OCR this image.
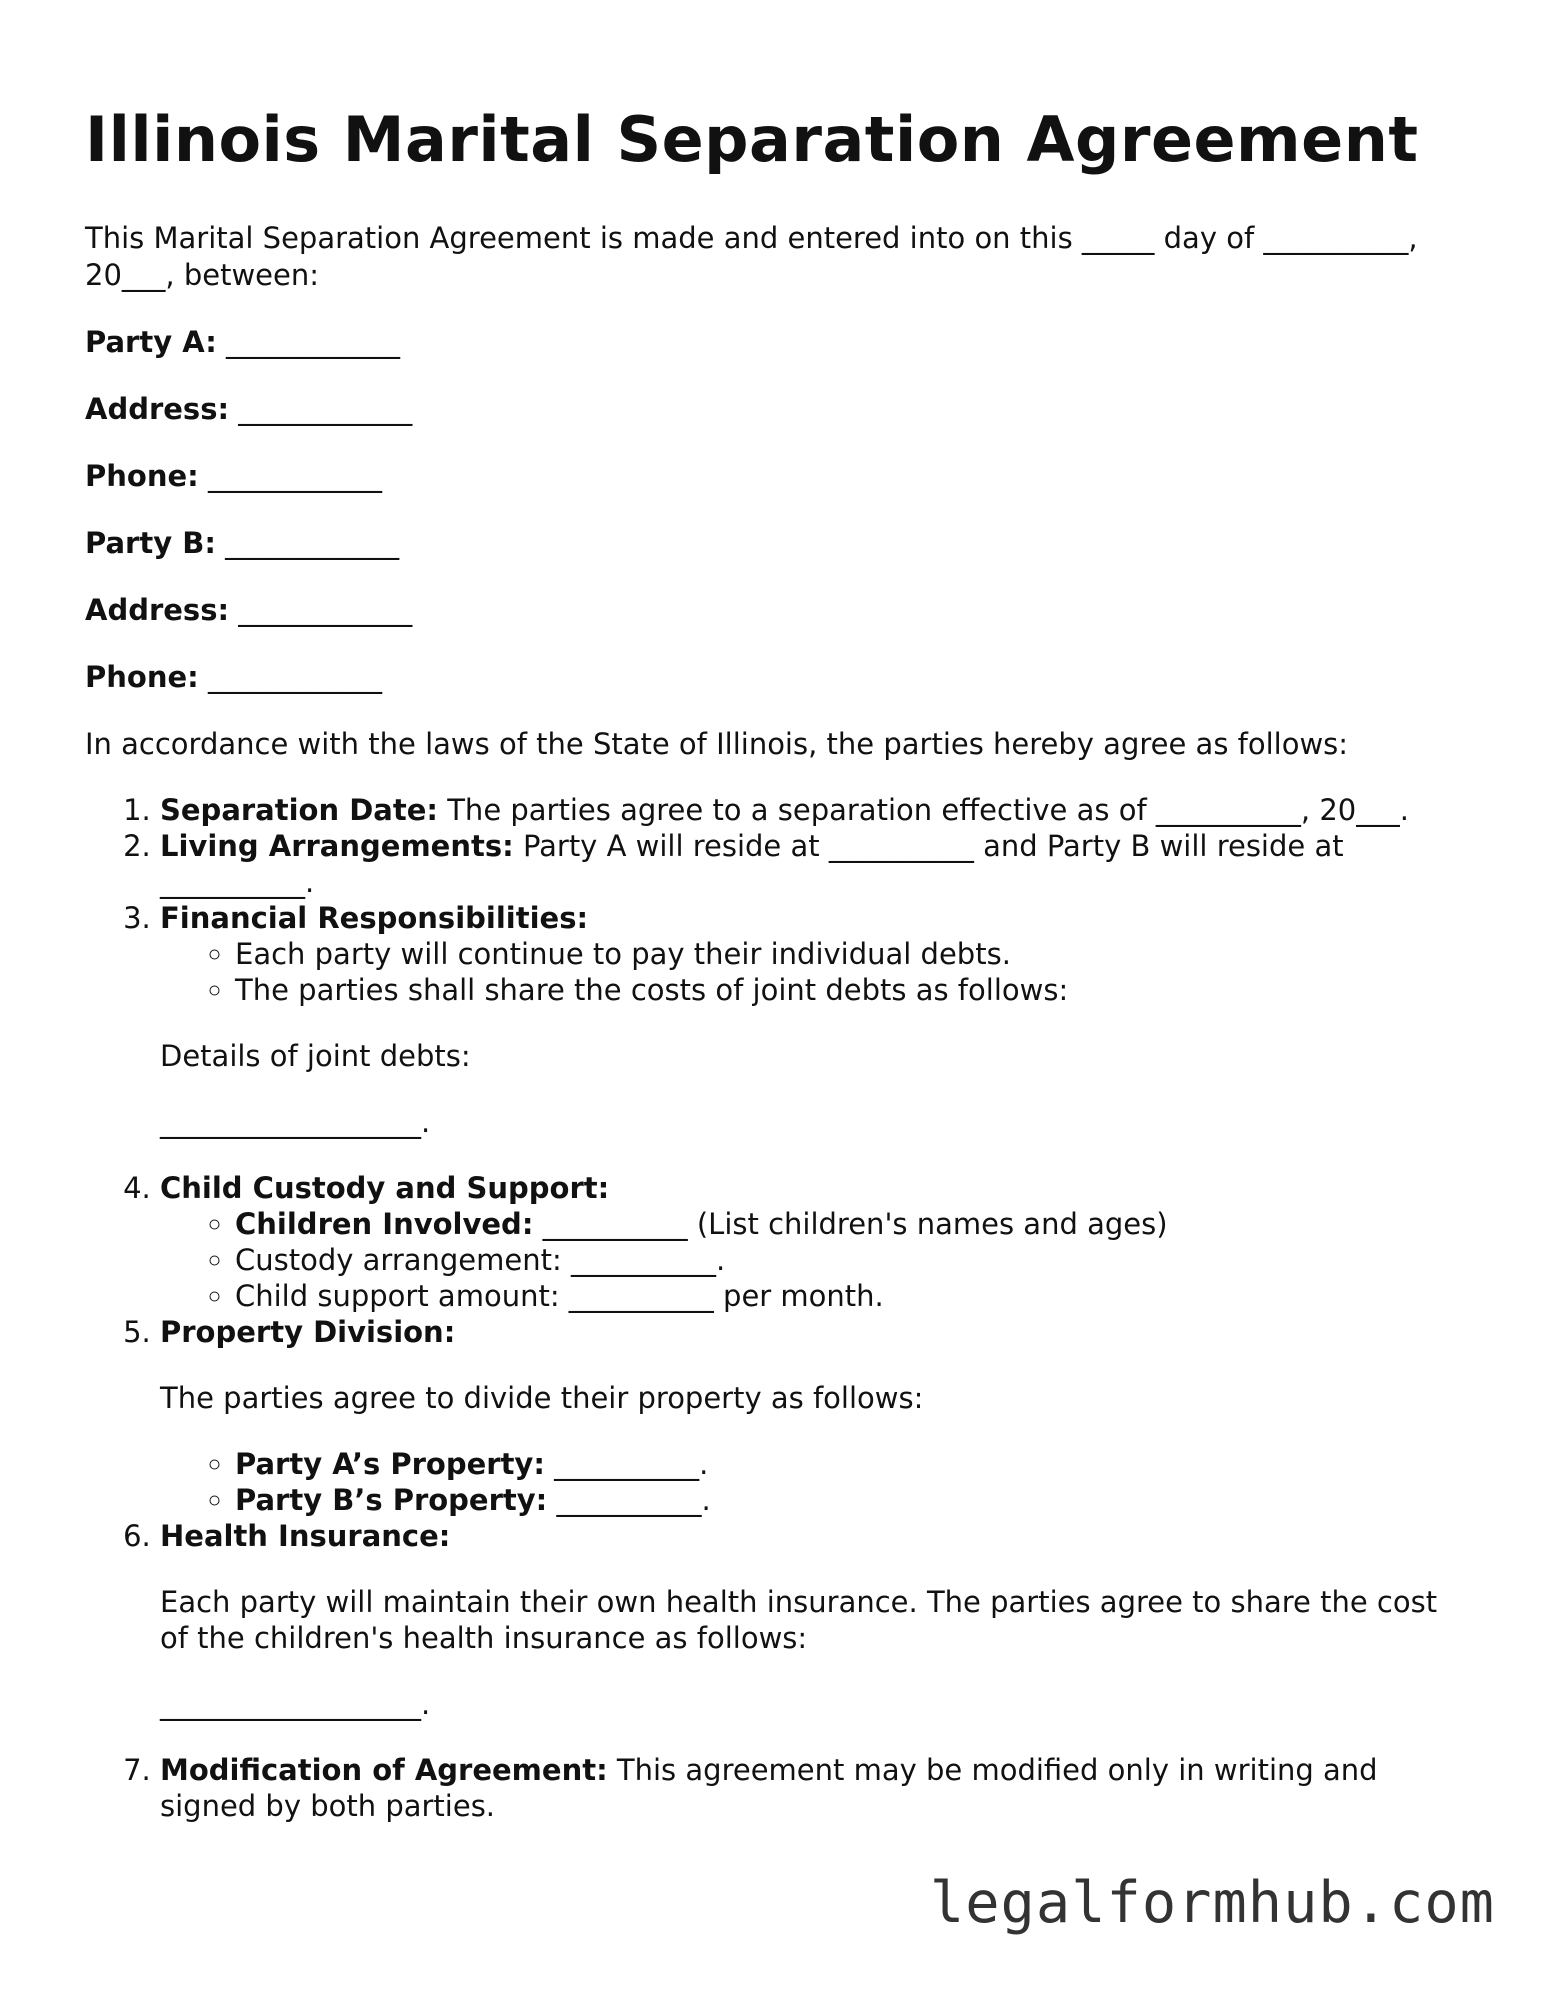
Illinois Marital Separation Agreement

This Marital Separation Agreement is made and entered into on this _____ day of __________, 20___, between:

Party A: ____________

Address: ____________

Phone: ____________

Party B: ____________

Address: ____________

Phone: ____________

In accordance with the laws of the State of Illinois, the parties hereby agree as follows:

1. Separation Date: The parties agree to a separation effective as of __________, 20___.
2. Living Arrangements: Party A will reside at __________ and Party B will reside at __________.
3. Financial Responsibilities:
◦ Each party will continue to pay their individual debts.
◦ The parties shall share the costs of joint debts as follows:

Details of joint debts:

__________________.

4. Child Custody and Support:
◦ Children Involved: __________ (List children's names and ages)
◦ Custody arrangement: __________.
◦ Child support amount: __________ per month.
5. Property Division:

The parties agree to divide their property as follows:

◦ Party A’s Property: __________.
◦ Party B’s Property: __________.
6. Health Insurance:

Each party will maintain their own health insurance. The parties agree to share the cost of the children's health insurance as follows:

__________________.

7. Modification of Agreement: This agreement may be modified only in writing and signed by both parties.
legalformhub.com
